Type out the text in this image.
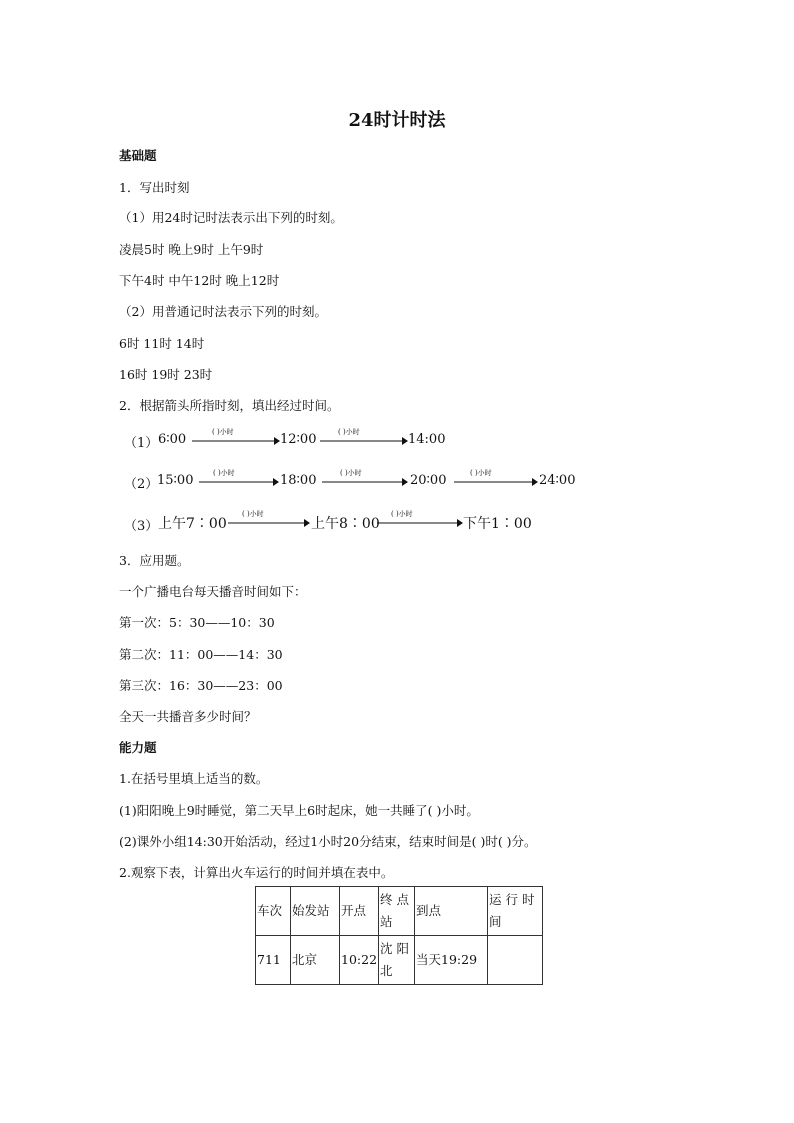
24时计时法
基础题
1．写出时刻
（1）用24时记时法表示出下列的时刻。
凌晨5时 晚上9时 上午9时
下午4时 中午12时 晚上12时
（2）用普通记时法表示下列的时刻。
6时 11时 14时
16时 19时 23时
2．根据箭头所指时刻，填出经过时间。
（1） 6∶00	( )小时	12∶00	( )小时	14:00
（2）
15∶00	( )小时	18∶00	( )小时	20∶00	( )小时	24∶00
（3） 上午7∶00
( )小时
上午8∶00
( )小时
下午1∶00
3．应用题。
一个广播电台每天播音时间如下：
第一次：5：30——10：30
第二次：11：00——14：30
第三次：16：30——23：00
全天一共播音多少时间？
能力题
1.在括号里填上适当的数。
(1)阳阳晚上9时睡觉，第二天早上6时起床，她一共睡了( )小时。
(2)课外小组14:30开始活动，经过1小时20分结束，结束时间是( )时( )分。
2.观察下表，计算出火车运行的时间并填在表中。
车次	始发站	开点	终 点 站	到点	运 行 时 间
711	北京	10:22	沈 阳 北	当天19:29	
